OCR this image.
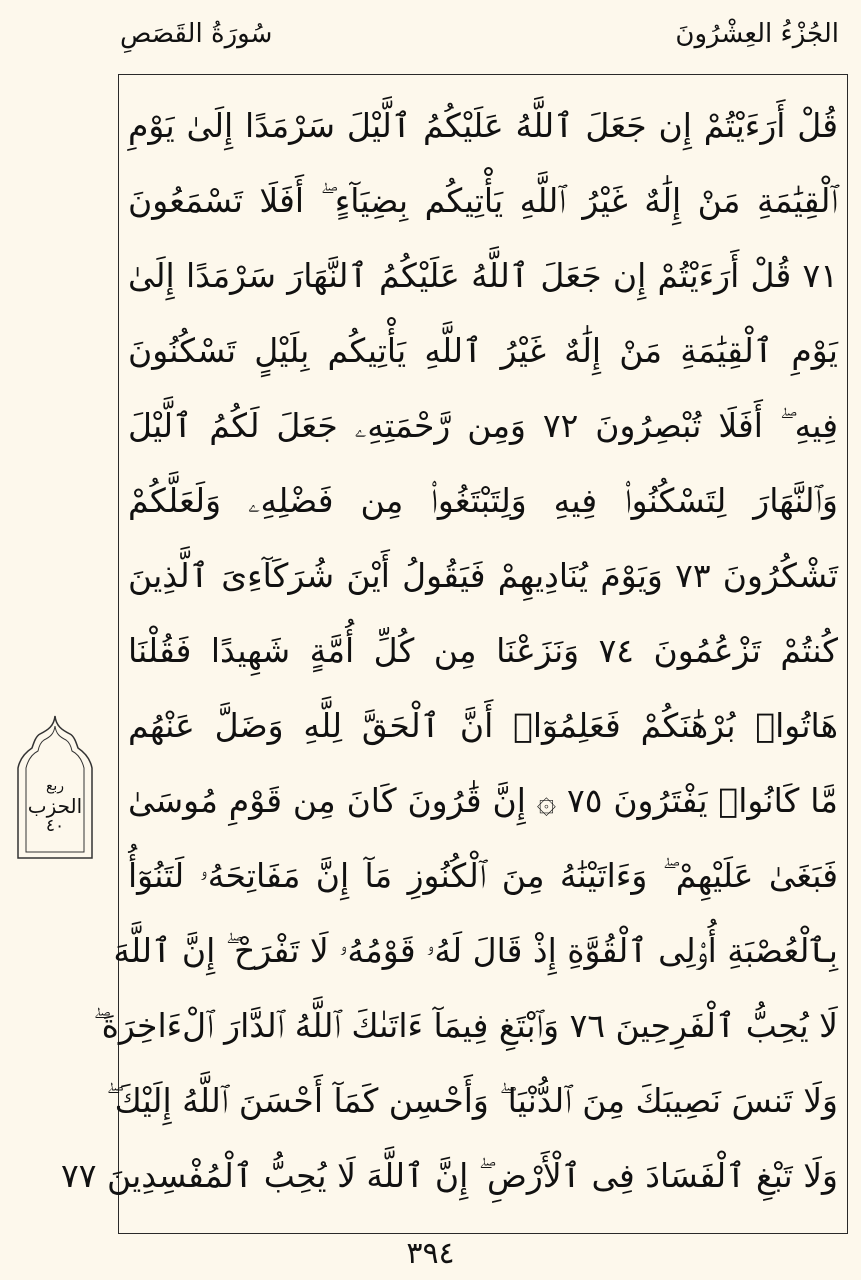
الجُزْءُ العِشْرُونَ
سُورَةُ القَصَصِ
قُلْ أَرَءَيْتُمْ إِن جَعَلَ ٱللَّهُ عَلَيْكُمُ ٱلَّيْلَ سَرْمَدًا إِلَىٰ يَوْمِ
ٱلْقِيَٰمَةِ مَنْ إِلَٰهٌ غَيْرُ ٱللَّهِ يَأْتِيكُم بِضِيَآءٍ ۖ أَفَلَا تَسْمَعُونَ
٧١ قُلْ أَرَءَيْتُمْ إِن جَعَلَ ٱللَّهُ عَلَيْكُمُ ٱلنَّهَارَ سَرْمَدًا إِلَىٰ
يَوْمِ ٱلْقِيَٰمَةِ مَنْ إِلَٰهٌ غَيْرُ ٱللَّهِ يَأْتِيكُم بِلَيْلٍ تَسْكُنُونَ
فِيهِ ۖ أَفَلَا تُبْصِرُونَ ٧٢ وَمِن رَّحْمَتِهِۦ جَعَلَ لَكُمُ ٱلَّيْلَ
وَٱلنَّهَارَ لِتَسْكُنُوا۟ فِيهِ وَلِتَبْتَغُوا۟ مِن فَضْلِهِۦ وَلَعَلَّكُمْ
تَشْكُرُونَ ٧٣ وَيَوْمَ يُنَادِيهِمْ فَيَقُولُ أَيْنَ شُرَكَآءِىَ ٱلَّذِينَ
كُنتُمْ تَزْعُمُونَ ٧٤ وَنَزَعْنَا مِن كُلِّ أُمَّةٍ شَهِيدًا فَقُلْنَا
هَاتُوا۟ بُرْهَٰنَكُمْ فَعَلِمُوٓا۟ أَنَّ ٱلْحَقَّ لِلَّهِ وَضَلَّ عَنْهُم
مَّا كَانُوا۟ يَفْتَرُونَ ٧٥ ۞ إِنَّ قَٰرُونَ كَانَ مِن قَوْمِ مُوسَىٰ
فَبَغَىٰ عَلَيْهِمْ ۖ وَءَاتَيْنَٰهُ مِنَ ٱلْكُنُوزِ مَآ إِنَّ مَفَاتِحَهُۥ لَتَنُوٓأُ
بِٱلْعُصْبَةِ أُو۟لِى ٱلْقُوَّةِ إِذْ قَالَ لَهُۥ قَوْمُهُۥ لَا تَفْرَحْ ۖ إِنَّ ٱللَّهَ
لَا يُحِبُّ ٱلْفَرِحِينَ ٧٦ وَٱبْتَغِ فِيمَآ ءَاتَىٰكَ ٱللَّهُ ٱلدَّارَ ٱلْءَاخِرَةَ ۖ
وَلَا تَنسَ نَصِيبَكَ مِنَ ٱلدُّنْيَا ۖ وَأَحْسِن كَمَآ أَحْسَنَ ٱللَّهُ إِلَيْكَ ۖ
وَلَا تَبْغِ ٱلْفَسَادَ فِى ٱلْأَرْضِ ۖ إِنَّ ٱللَّهَ لَا يُحِبُّ ٱلْمُفْسِدِينَ ٧٧
ربع
الحزب
٤٠
٣٩٤
